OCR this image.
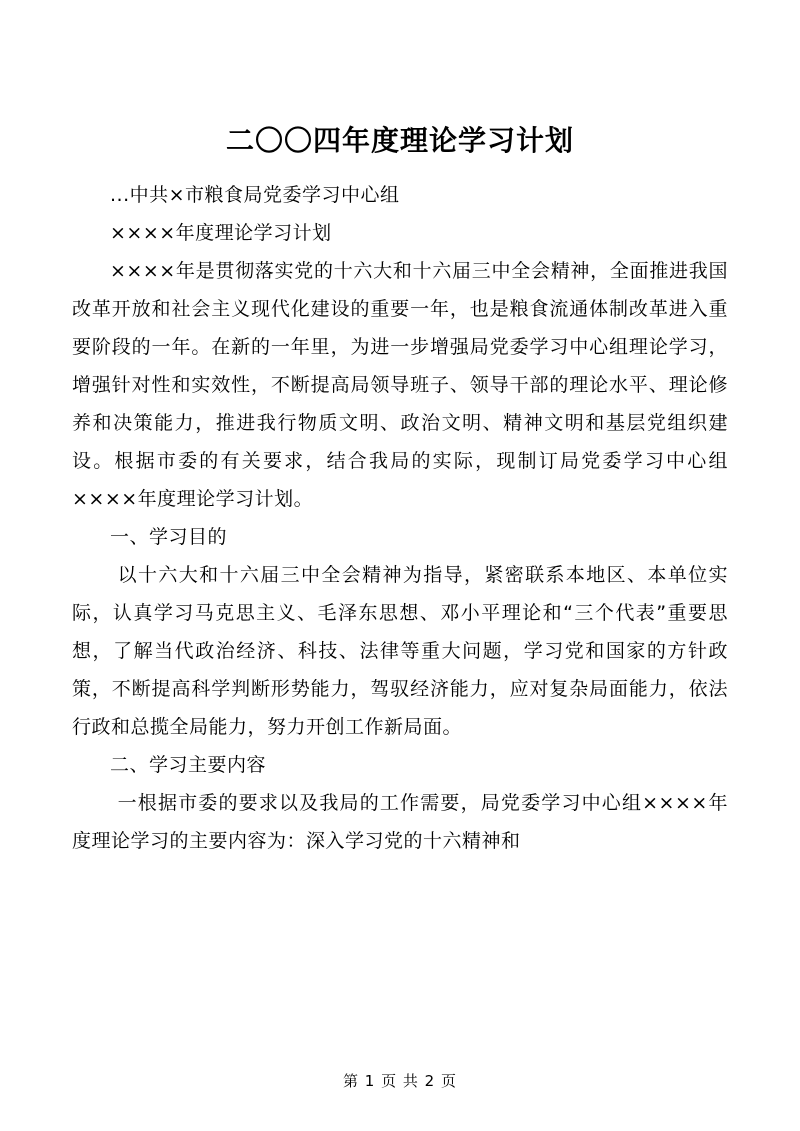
二〇〇四年度理论学习计划

...中共×市粮食局党委学习中心组

××××年度理论学习计划

××××年是贯彻落实党的十六大和十六届三中全会精神，全面推进我国改革开放和社会主义现代化建设的重要一年，也是粮食流通体制改革进入重要阶段的一年。在新的一年里，为进一步增强局党委学习中心组理论学习，增强针对性和实效性，不断提高局领导班子、领导干部的理论水平、理论修养和决策能力，推进我行物质文明、政治文明、精神文明和基层党组织建设。根据市委的有关要求，结合我局的实际，现制订局党委学习中心组××××年度理论学习计划。

一、学习目的

以十六大和十六届三中全会精神为指导，紧密联系本地区、本单位实际，认真学习马克思主义、毛泽东思想、邓小平理论和“三个代表”重要思想，了解当代政治经济、科技、法律等重大问题，学习党和国家的方针政策，不断提高科学判断形势能力，驾驭经济能力，应对复杂局面能力，依法行政和总揽全局能力，努力开创工作新局面。

二、学习主要内容

一根据市委的要求以及我局的工作需要，局党委学习中心组××××年度理论学习的主要内容为：深入学习党的十六精神和

第 1 页 共 2 页
